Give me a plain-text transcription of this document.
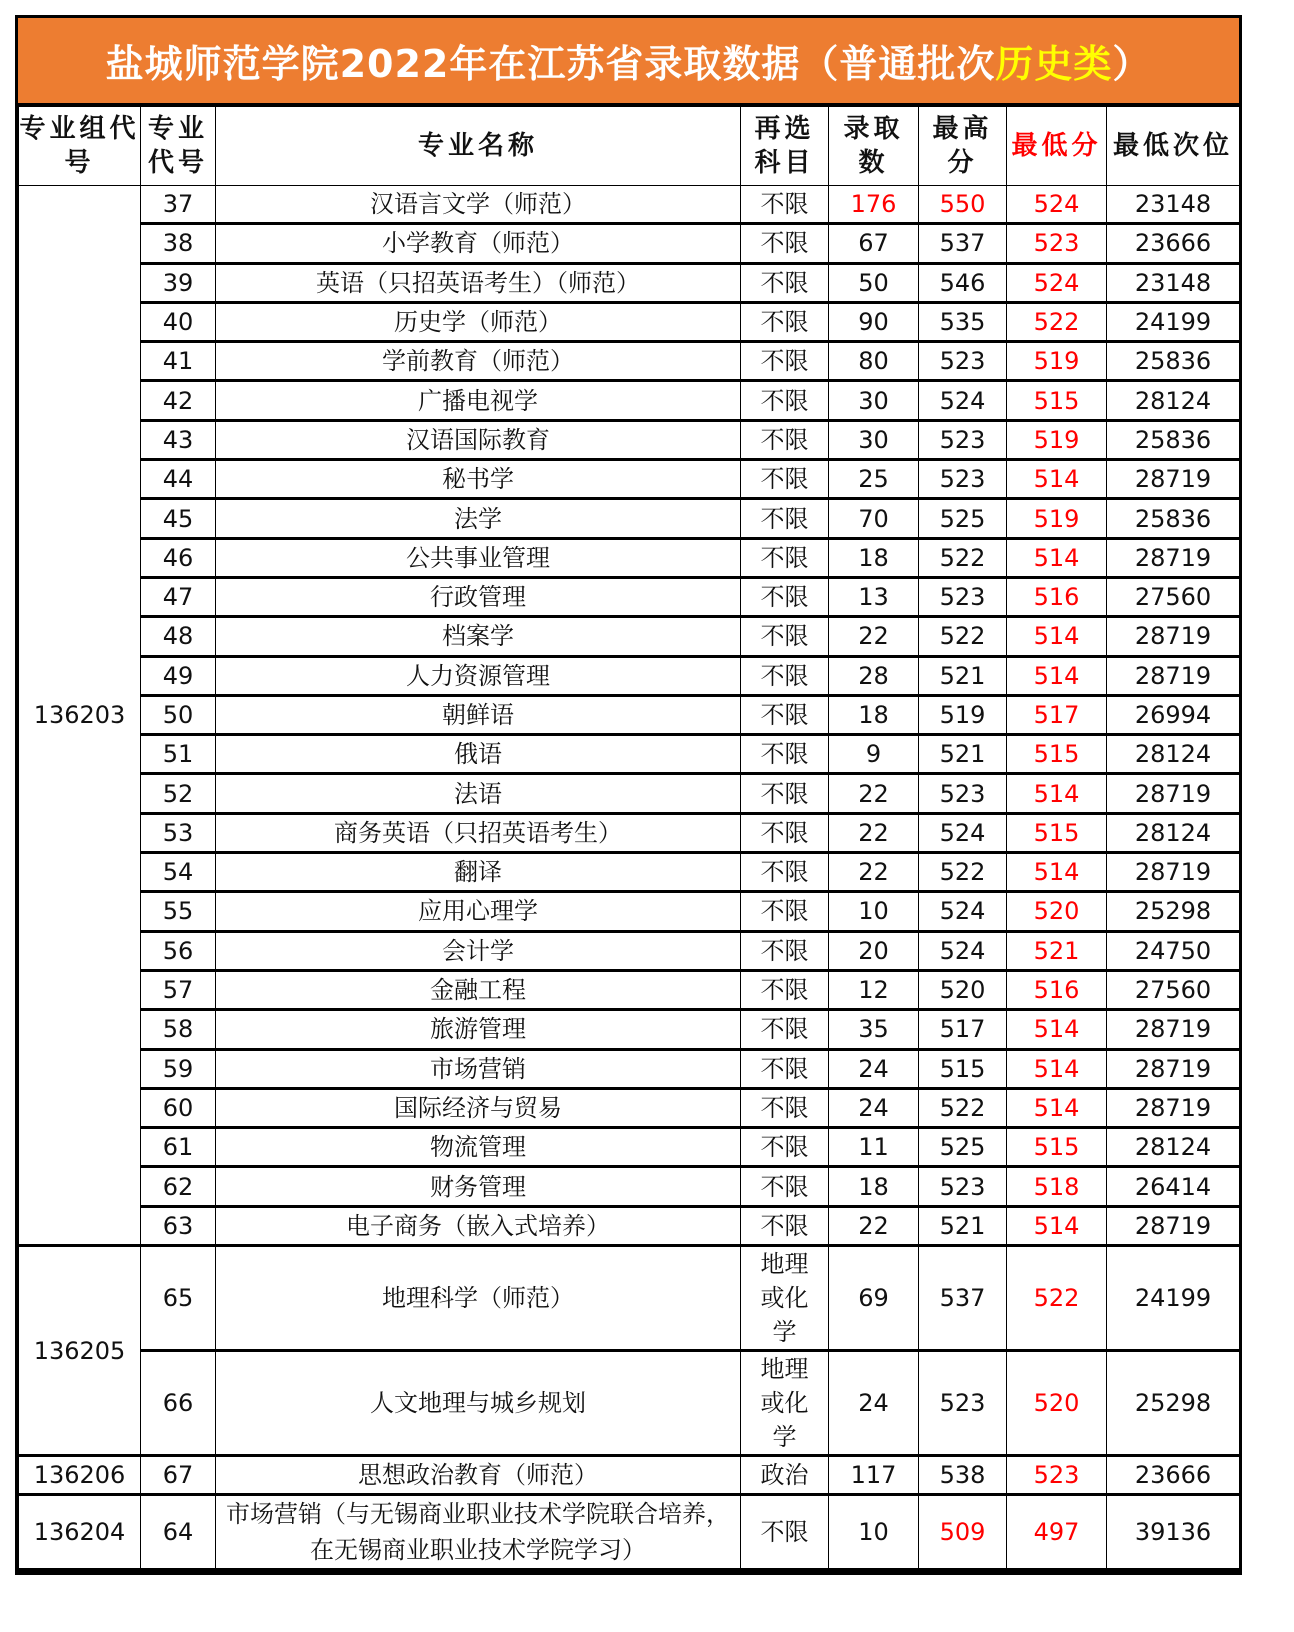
盐城师范学院2022年在江苏省录取数据（普通批次 历史类 ）
专业组代号	专业代号	专业名称	再选科目	录取数	最高分	最低分	最低次位
136203	37	汉语言文学（师范）	不限	176	550	524	23148
	38	小学教育（师范）	不限	67	537	523	23666
	39	英语（只招英语考生）（师范）	不限	50	546	524	23148
	40	历史学（师范）	不限	90	535	522	24199
	41	学前教育（师范）	不限	80	523	519	25836
	42	广播电视学	不限	30	524	515	28124
	43	汉语国际教育	不限	30	523	519	25836
	44	秘书学	不限	25	523	514	28719
	45	法学	不限	70	525	519	25836
	46	公共事业管理	不限	18	522	514	28719
	47	行政管理	不限	13	523	516	27560
	48	档案学	不限	22	522	514	28719
	49	人力资源管理	不限	28	521	514	28719
	50	朝鲜语	不限	18	519	517	26994
	51	俄语	不限	9	521	515	28124
	52	法语	不限	22	523	514	28719
	53	商务英语（只招英语考生）	不限	22	524	515	28124
	54	翻译	不限	22	522	514	28719
	55	应用心理学	不限	10	524	520	25298
	56	会计学	不限	20	524	521	24750
	57	金融工程	不限	12	520	516	27560
	58	旅游管理	不限	35	517	514	28719
	59	市场营销	不限	24	515	514	28719
	60	国际经济与贸易	不限	24	522	514	28719
	61	物流管理	不限	11	525	515	28124
	62	财务管理	不限	18	523	518	26414
	63	电子商务（嵌入式培养）	不限	22	521	514	28719
136205	65	地理科学（师范）	地理或化学	69	537	522	24199
	66	人文地理与城乡规划	地理或化学	24	523	520	25298
136206	67	思想政治教育（师范）	政治	117	538	523	23666
136204	64	市场营销（与无锡商业职业技术学院联合培养，在无锡商业职业技术学院学习）	不限	10	509	497	39136
